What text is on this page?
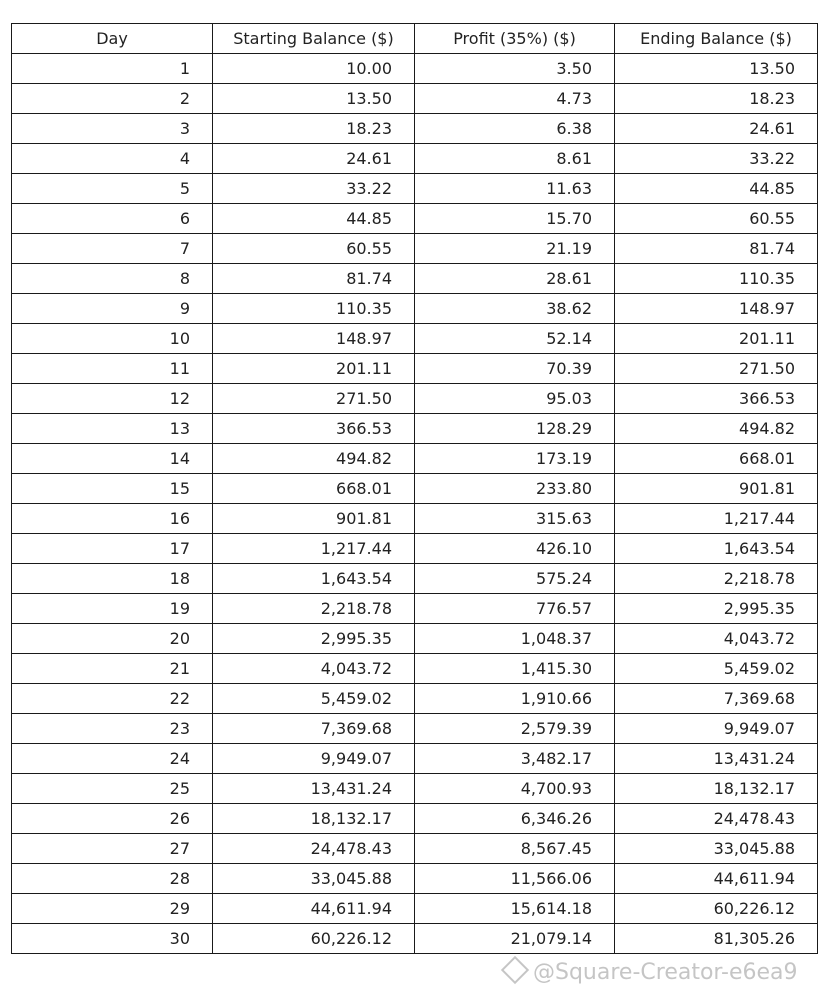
Day	Starting Balance ($)	Profit (35%) ($)	Ending Balance ($)
1	10.00	3.50	13.50
2	13.50	4.73	18.23
3	18.23	6.38	24.61
4	24.61	8.61	33.22
5	33.22	11.63	44.85
6	44.85	15.70	60.55
7	60.55	21.19	81.74
8	81.74	28.61	110.35
9	110.35	38.62	148.97
10	148.97	52.14	201.11
11	201.11	70.39	271.50
12	271.50	95.03	366.53
13	366.53	128.29	494.82
14	494.82	173.19	668.01
15	668.01	233.80	901.81
16	901.81	315.63	1,217.44
17	1,217.44	426.10	1,643.54
18	1,643.54	575.24	2,218.78
19	2,218.78	776.57	2,995.35
20	2,995.35	1,048.37	4,043.72
21	4,043.72	1,415.30	5,459.02
22	5,459.02	1,910.66	7,369.68
23	7,369.68	2,579.39	9,949.07
24	9,949.07	3,482.17	13,431.24
25	13,431.24	4,700.93	18,132.17
26	18,132.17	6,346.26	24,478.43
27	24,478.43	8,567.45	33,045.88
28	33,045.88	11,566.06	44,611.94
29	44,611.94	15,614.18	60,226.12
30	60,226.12	21,079.14	81,305.26
@Square-Creator-e6ea9
